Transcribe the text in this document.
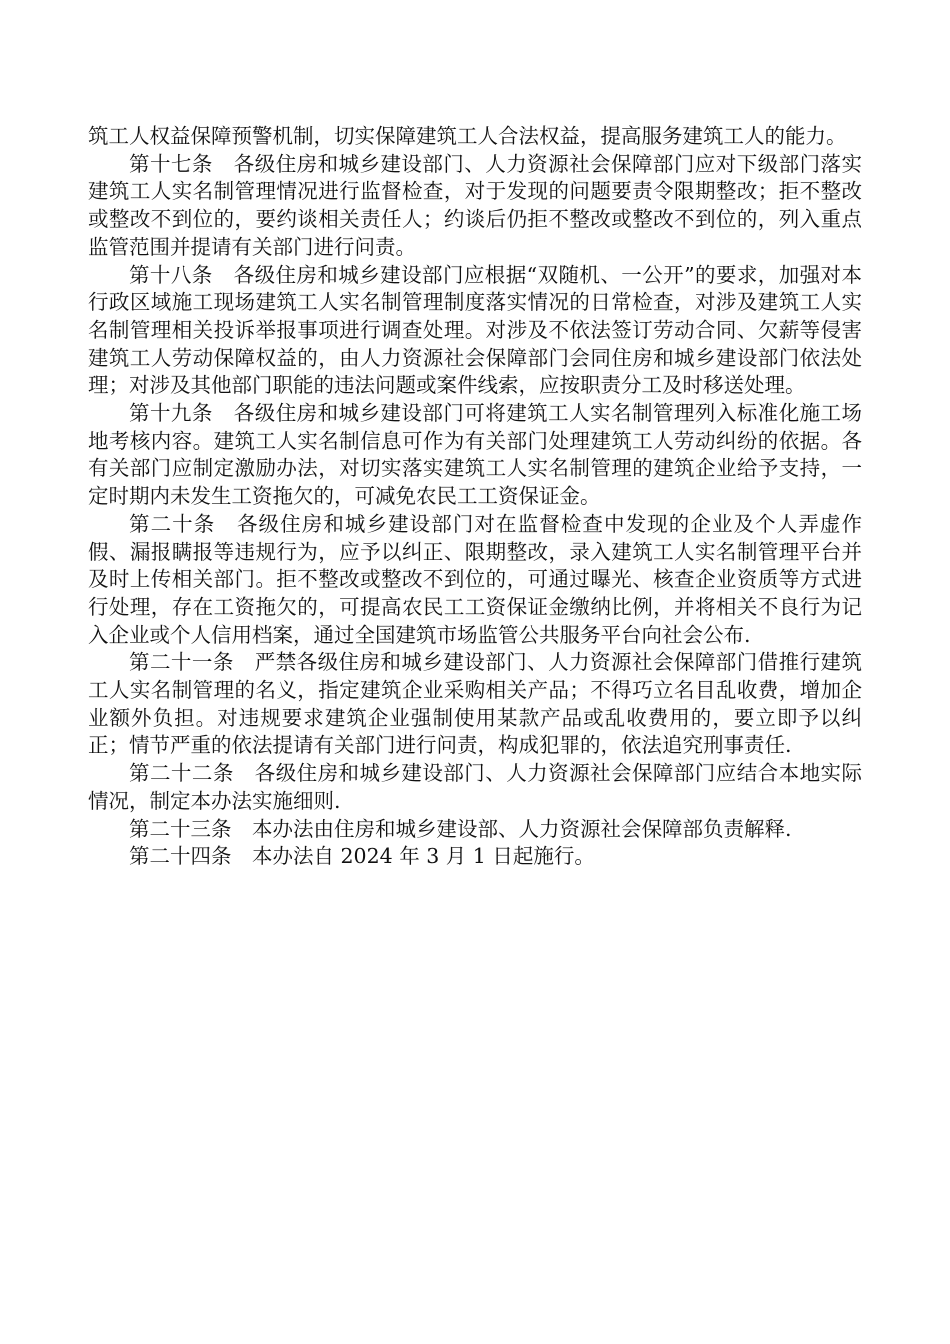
筑工人权益保障预警机制，切实保障建筑工人合法权益，提高服务建筑工人的能力。

第十七条　各级住房和城乡建设部门、人力资源社会保障部门应对下级部门落实建筑工人实名制管理情况进行监督检查，对于发现的问题要责令限期整改；拒不整改或整改不到位的，要约谈相关责任人；约谈后仍拒不整改或整改不到位的，列入重点监管范围并提请有关部门进行问责。

第十八条　各级住房和城乡建设部门应根据“双随机、一公开”的要求，加强对本行政区域施工现场建筑工人实名制管理制度落实情况的日常检查，对涉及建筑工人实名制管理相关投诉举报事项进行调查处理。对涉及不依法签订劳动合同、欠薪等侵害建筑工人劳动保障权益的，由人力资源社会保障部门会同住房和城乡建设部门依法处理；对涉及其他部门职能的违法问题或案件线索，应按职责分工及时移送处理。

第十九条　各级住房和城乡建设部门可将建筑工人实名制管理列入标准化施工场地考核内容。建筑工人实名制信息可作为有关部门处理建筑工人劳动纠纷的依据。各有关部门应制定激励办法，对切实落实建筑工人实名制管理的建筑企业给予支持，一定时期内未发生工资拖欠的，可减免农民工工资保证金。

第二十条　各级住房和城乡建设部门对在监督检查中发现的企业及个人弄虚作假、漏报瞒报等违规行为，应予以纠正、限期整改，录入建筑工人实名制管理平台并及时上传相关部门。拒不整改或整改不到位的，可通过曝光、核查企业资质等方式进行处理，存在工资拖欠的，可提高农民工工资保证金缴纳比例，并将相关不良行为记入企业或个人信用档案，通过全国建筑市场监管公共服务平台向社会公布.

第二十一条　严禁各级住房和城乡建设部门、人力资源社会保障部门借推行建筑工人实名制管理的名义，指定建筑企业采购相关产品；不得巧立名目乱收费，增加企业额外负担。对违规要求建筑企业强制使用某款产品或乱收费用的，要立即予以纠正；情节严重的依法提请有关部门进行问责，构成犯罪的，依法追究刑事责任.

第二十二条　各级住房和城乡建设部门、人力资源社会保障部门应结合本地实际情况，制定本办法实施细则.

第二十三条　本办法由住房和城乡建设部、人力资源社会保障部负责解释.

第二十四条　本办法自 2024 年 3 月 1 日起施行。
